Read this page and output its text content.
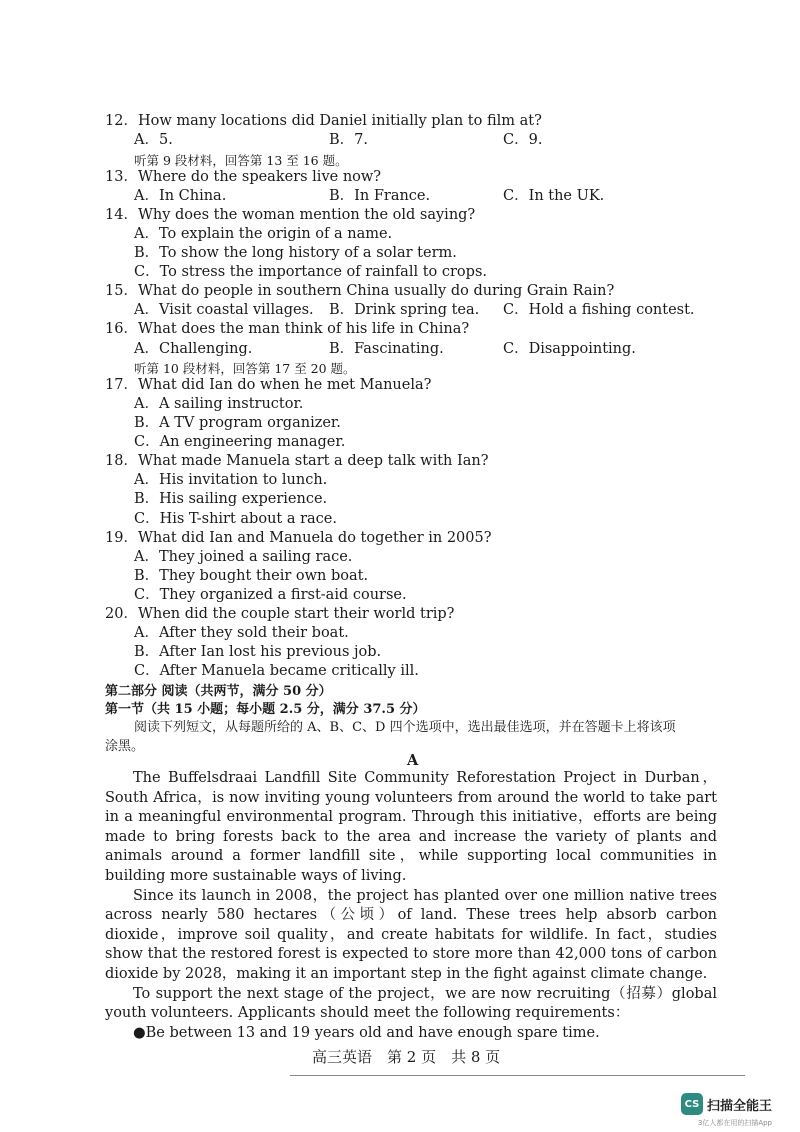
12．How many locations did Daniel initially plan to film at?
A．5.	B．7.	C．9.
听第 9 段材料，回答第 13 至 16 题。
13．Where do the speakers live now?
A．In China.	B．In France.	C．In the UK.
14．Why does the woman mention the old saying?
A．To explain the origin of a name.
B．To show the long history of a solar term.
C．To stress the importance of rainfall to crops.
15．What do people in southern China usually do during Grain Rain?
A．Visit coastal villages. B．Drink spring tea. C．Hold a fishing contest.
16．What does the man think of his life in China?
A．Challenging.	B．Fascinating.	C．Disappointing.
听第 10 段材料，回答第 17 至 20 题。
17．What did Ian do when he met Manuela?
A．A sailing instructor.
B．A TV program organizer.
C．An engineering manager.
18．What made Manuela start a deep talk with Ian?
A．His invitation to lunch.
B．His sailing experience.
C．His T-shirt about a race.
19．What did Ian and Manuela do together in 2005?
A．They joined a sailing race.
B．They bought their own boat.
C．They organized a first-aid course.
20．When did the couple start their world trip?
A．After they sold their boat.
B．After Ian lost his previous job.
C．After Manuela became critically ill.
第二部分 阅读（共两节，满分 50 分）
第一节（共 15 小题；每小题 2.5 分，满分 37.5 分）
阅读下列短文，从每题所给的 A、B、C、D 四个选项中，选出最佳选项，并在答题卡上将该项
涂黑。
A

The Buffelsdraai Landfill Site Community Reforestation Project in Durban，South Africa，is now inviting young volunteers from around the world to take part in a meaningful environmental program. Through this initiative，efforts are being made to bring forests back to the area and increase the variety of plants and animals around a former landfill site，while supporting local communities in building more sustainable ways of living.

Since its launch in 2008，the project has planted over one million native trees across nearly 580 hectares（公顷）of land. These trees help absorb carbon dioxide，improve soil quality，and create habitats for wildlife. In fact，studies show that the restored forest is expected to store more than 42,000 tons of carbon dioxide by 2028，making it an important step in the fight against climate change.

To support the next stage of the project，we are now recruiting（招募）global youth volunteers. Applicants should meet the following requirements：

●Be between 13 and 19 years old and have enough spare time.

高三英语　第 2 页　共 8 页
CS 扫描全能王
3亿人都在用的扫描App
